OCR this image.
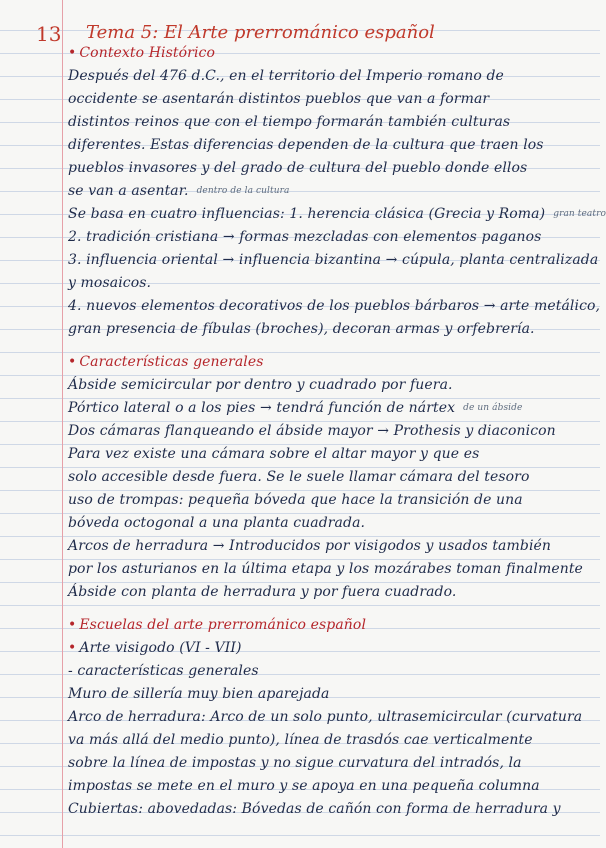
13 Tema 5: El Arte prerrománico español
• Contexto Histórico
Después del 476 d.C., en el territorio del Imperio romano de
occidente se asentarán distintos pueblos que van a formar
distintos reinos que con el tiempo formarán también culturas
diferentes. Estas diferencias dependen de la cultura que traen los
pueblos invasores y del grado de cultura del pueblo donde ellos
se van a asentar. $^{dentro de la cultura}$
Se basa en cuatro influencias: 1. herencia clásica (Grecia y Roma) $^{gran teatro}$
2. tradición cristiana → formas mezcladas con elementos paganos
3. influencia oriental → influencia bizantina → cúpula, planta centralizada
y mosaicos.
4. nuevos elementos decorativos de los pueblos bárbaros → arte metálico,
gran presencia de fíbulas (broches), decoran armas y orfebrería.
• Características generales
Ábside semicircular por dentro y cuadrado por fuera.
Pórtico lateral o a los pies → tendrá función de nártex $^{de un ábside}$
Dos cámaras flanqueando el ábside mayor → Prothesis y diaconicon
Para vez existe una cámara sobre el altar mayor y que es
solo accesible desde fuera. Se le suele llamar cámara del tesoro
uso de trompas: pequeña bóveda que hace la transición de una
bóveda octogonal a una planta cuadrada.
Arcos de herradura → Introducidos por visigodos y usados también
por los asturianos en la última etapa y los mozárabes toman finalmente
Ábside con planta de herradura y por fuera cuadrado.
• Escuelas del arte prerrománico español
• Arte visigodo (VI - VII)
- características generales
Muro de sillería muy bien aparejada
Arco de herradura: Arco de un solo punto, ultrasemicircular (curvatura
va más allá del medio punto), línea de trasdós cae verticalmente
sobre la línea de impostas y no sigue curvatura del intradós, la
impostas se mete en el muro y se apoya en una pequeña columna
Cubiertas: abovedadas: Bóvedas de cañón con forma de herradura y
